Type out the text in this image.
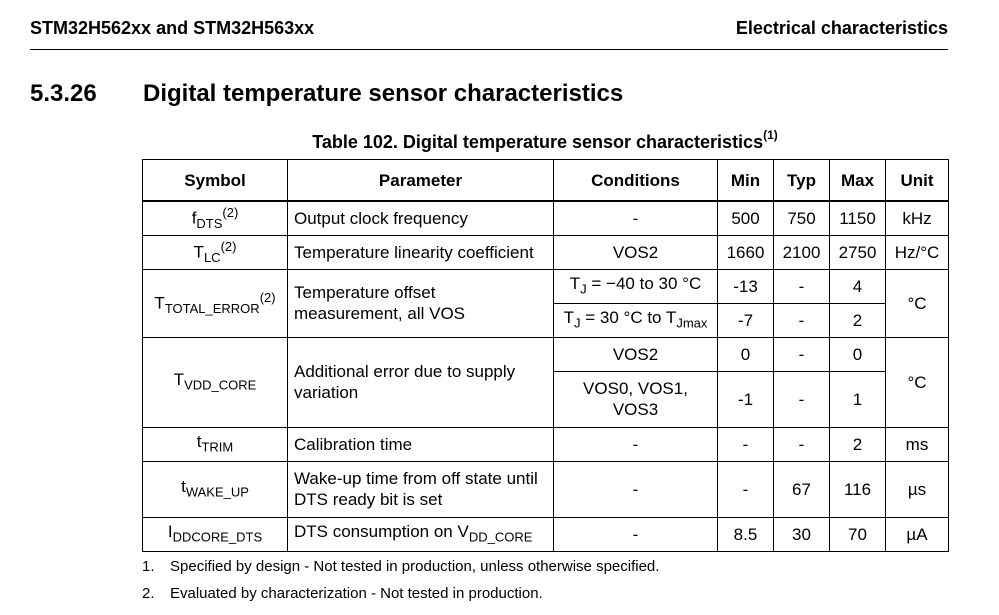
STM32H562xx and STM32H563xx	Electrical characteristics
5.3.26 Digital temperature sensor characteristics
Table 102. Digital temperature sensor characteristics$^{(1)}$
Symbol	Parameter	Conditions	Min	Typ	Max	Unit
$f_{DTS}^{(2)}$	Output clock frequency	-	500	750	1150	kHz
$T_{LC}^{(2)}$	Temperature linearity coefficient	VOS2	1660	2100	2750	Hz/°C
$T_{TOTAL\_ERROR}^{(2)}$	Temperature offset measurement, all VOS	$T_J = -40$ to 30 °C	-13	-	4	°C
		$T_J = 30$ °C to $T_{Jmax}$	-7	-	2	
$T_{VDD\_CORE}$	Additional error due to supply variation	VOS2	0	-	0	°C
		VOS0, VOS1, VOS3	-1	-	1	
$t_{TRIM}$	Calibration time	-	-	-	2	ms
$t_{WAKE\_UP}$	Wake-up time from off state until DTS ready bit is set	-	-	67	116	µs
$I_{DDCORE\_DTS}$	DTS consumption on $V_{DD\_CORE}$	-	8.5	30	70	µA
1. Specified by design - Not tested in production, unless otherwise specified.
2. Evaluated by characterization - Not tested in production.
